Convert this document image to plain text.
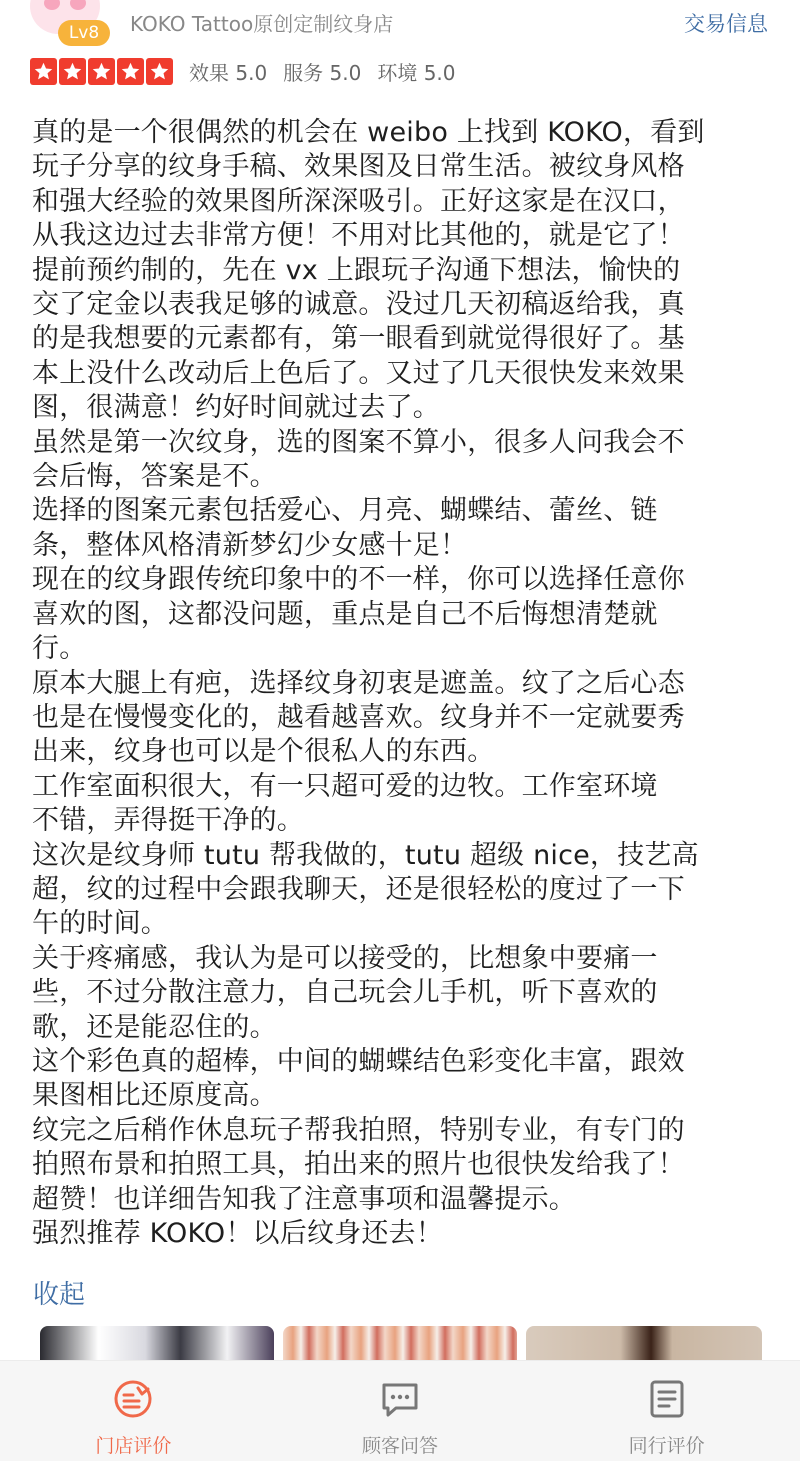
Lv8	KOKO Tattoo原创定制纹身店	交易信息
效果 5.0 服务 5.0 环境 5.0

真的是一个很偶然的机会在 weibo 上找到 KOKO，看到

玩子分享的纹身手稿、效果图及日常生活。被纹身风格

和强大经验的效果图所深深吸引。正好这家是在汉口，

从我这边过去非常方便！不用对比其他的，就是它了！

提前预约制的，先在 vx 上跟玩子沟通下想法，愉快的

交了定金以表我足够的诚意。没过几天初稿返给我，真

的是我想要的元素都有，第一眼看到就觉得很好了。基

本上没什么改动后上色后了。又过了几天很快发来效果

图，很满意！约好时间就过去了。

虽然是第一次纹身，选的图案不算小，很多人问我会不

会后悔，答案是不。

选择的图案元素包括爱心、月亮、蝴蝶结、蕾丝、链

条，整体风格清新梦幻少女感十足！

现在的纹身跟传统印象中的不一样，你可以选择任意你

喜欢的图，这都没问题，重点是自己不后悔想清楚就

行。

原本大腿上有疤，选择纹身初衷是遮盖。纹了之后心态

也是在慢慢变化的，越看越喜欢。纹身并不一定就要秀

出来，纹身也可以是个很私人的东西。

工作室面积很大，有一只超可爱的边牧。工作室环境

不错，弄得挺干净的。

这次是纹身师 tutu 帮我做的，tutu 超级 nice，技艺高

超，纹的过程中会跟我聊天，还是很轻松的度过了一下

午的时间。

关于疼痛感，我认为是可以接受的，比想象中要痛一

些，不过分散注意力，自己玩会儿手机，听下喜欢的

歌，还是能忍住的。

这个彩色真的超棒，中间的蝴蝶结色彩变化丰富，跟效

果图相比还原度高。

纹完之后稍作休息玩子帮我拍照，特别专业，有专门的

拍照布景和拍照工具，拍出来的照片也很快发给我了！

超赞！也详细告知我了注意事项和温馨提示。

强烈推荐 KOKO！以后纹身还去！

收起
门店评价	顾客问答	同行评价
